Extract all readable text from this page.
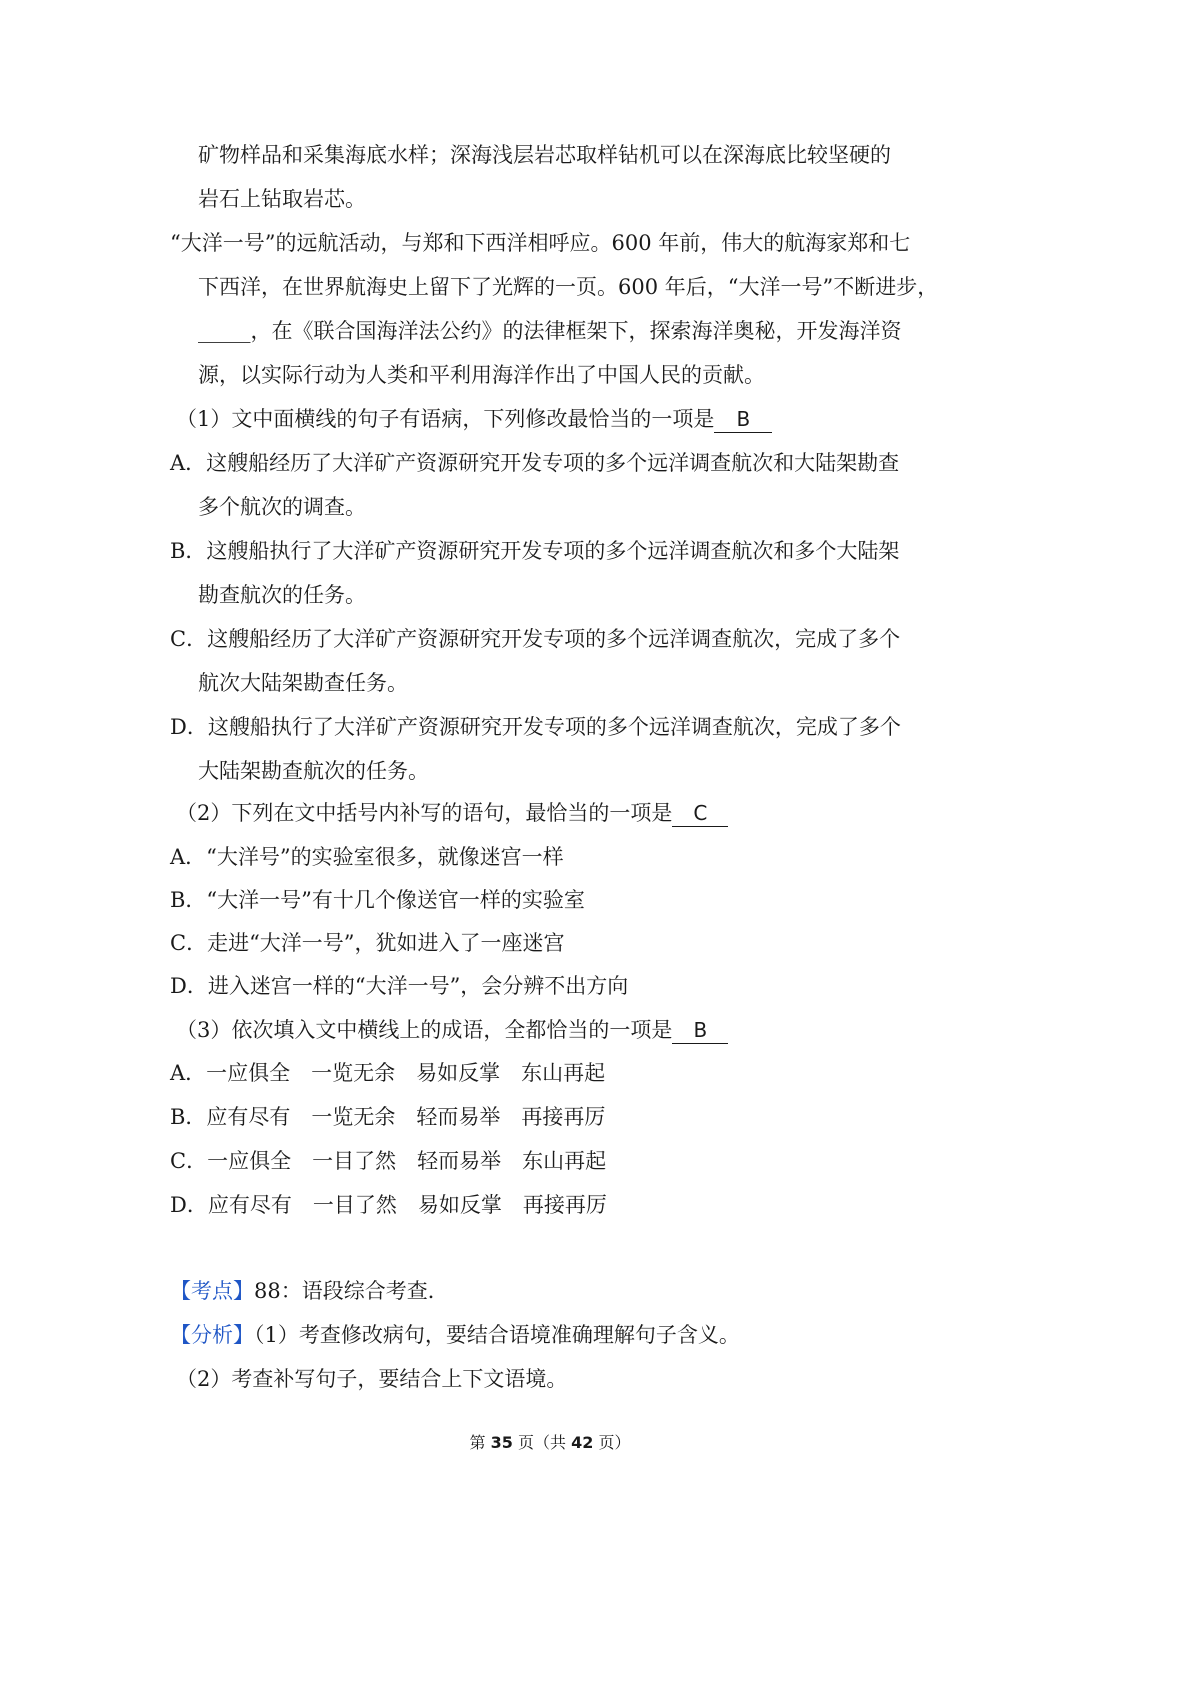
矿物样品和采集海底水样；深海浅层岩芯取样钻机可以在深海底比较坚硬的
岩石上钻取岩芯。
“大洋一号”的远航活动，与郑和下西洋相呼应。600 年前，伟大的航海家郑和七
下西洋，在世界航海史上留下了光辉的一页。600 年后，“大洋一号”不断进步，
_____，在《联合国海洋法公约》的法律框架下，探索海洋奥秘，开发海洋资
源，以实际行动为人类和平利用海洋作出了中国人民的贡献。
（1）文中面横线的句子有语病，下列修改最恰当的一项是 B
A．这艘船经历了大洋矿产资源研究开发专项的多个远洋调查航次和大陆架勘查
多个航次的调查。
B．这艘船执行了大洋矿产资源研究开发专项的多个远洋调查航次和多个大陆架
勘查航次的任务。
C．这艘船经历了大洋矿产资源研究开发专项的多个远洋调查航次，完成了多个
航次大陆架勘查任务。
D．这艘船执行了大洋矿产资源研究开发专项的多个远洋调查航次，完成了多个
大陆架勘查航次的任务。
（2）下列在文中括号内补写的语句，最恰当的一项是 C
A．“大洋号”的实验室很多，就像迷宫一样
B．“大洋一号”有十几个像送官一样的实验室
C．走进“大洋一号”，犹如进入了一座迷宫
D．进入迷宫一样的“大洋一号”，会分辨不出方向
（3）依次填入文中横线上的成语，全都恰当的一项是 B
A．一应俱全　一览无余　易如反掌　东山再起
B．应有尽有　一览无余　轻而易举　再接再厉
C．一应俱全　一目了然　轻而易举　东山再起
D．应有尽有　一目了然　易如反掌　再接再厉
【考点】88：语段综合考查．
【分析】（1）考查修改病句，要结合语境准确理解句子含义。
（2）考查补写句子，要结合上下文语境。
第 35 页（共 42 页）
